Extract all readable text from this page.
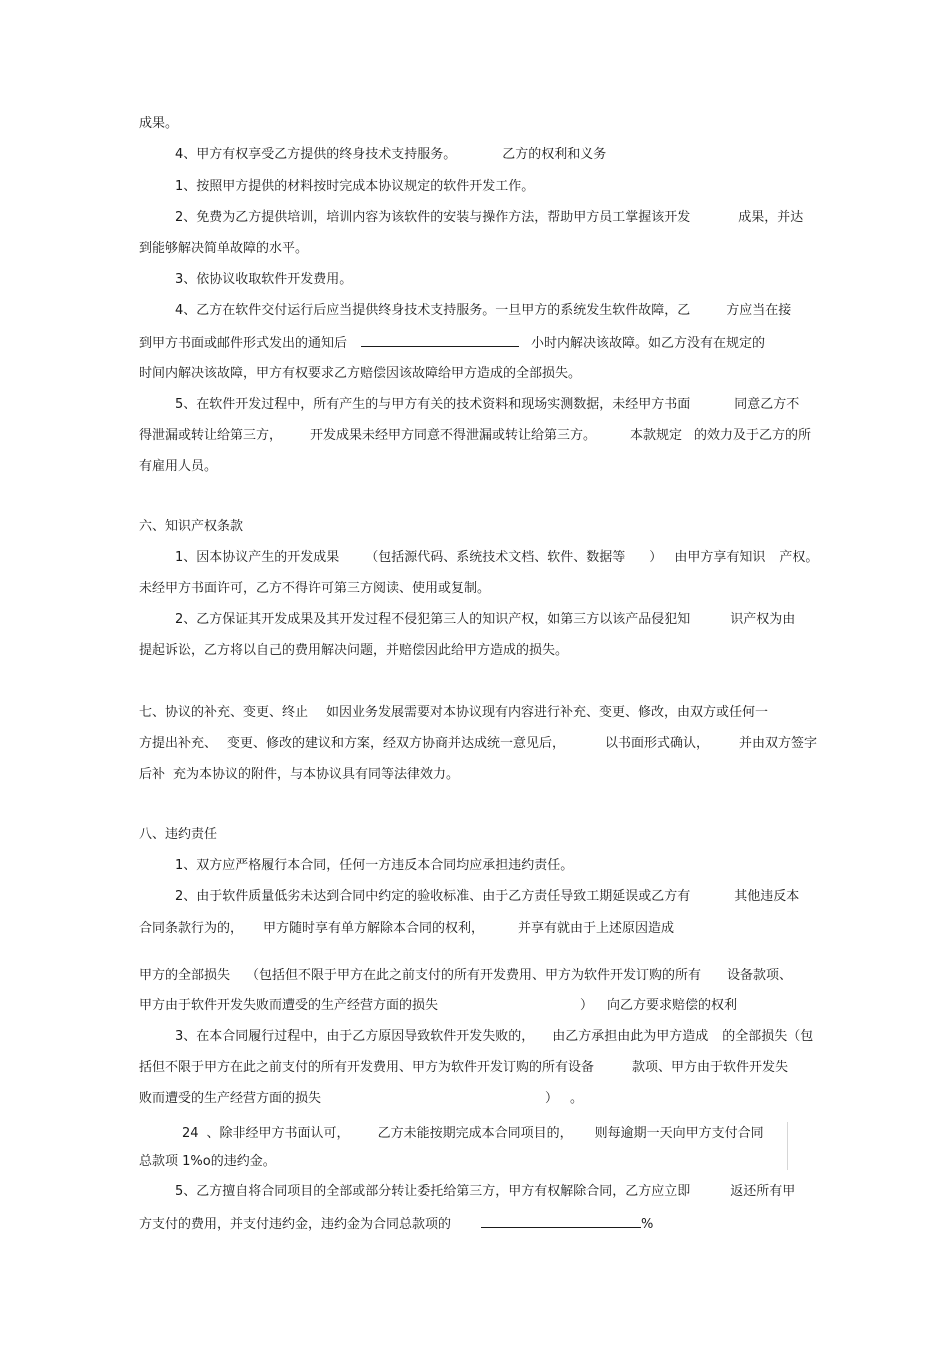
成果。

4、甲方有权享受乙方提供的终身技术支持服务。	乙方的权利和义务

1、按照甲方提供的材料按时完成本协议规定的软件开发工作。

2、免费为乙方提供培训，培训内容为该软件的安装与操作方法，帮助甲方员工掌握该开发	成果，并达

到能够解决简单故障的水平。

3、依协议收取软件开发费用。

4、乙方在软件交付运行后应当提供终身技术支持服务。一旦甲方的系统发生软件故障，乙	方应当在接

到甲方书面或邮件形式发出的通知后	小时内解决该故障。如乙方没有在规定的

时间内解决该故障，甲方有权要求乙方赔偿因该故障给甲方造成的全部损失。

5、在软件开发过程中，所有产生的与甲方有关的技术资料和现场实测数据，未经甲方书面	同意乙方不

得泄漏或转让给第三方， 开发成果未经甲方同意不得泄漏或转让给第三方。	本款规定 的效力及于乙方的所

有雇用人员。

六、知识产权条款

1、因本协议产生的开发成果 （包括源代码、系统技术文档、软件、数据等 ） 由甲方享有知识 产权。

未经甲方书面许可，乙方不得许可第三方阅读、使用或复制。

2、乙方保证其开发成果及其开发过程不侵犯第三人的知识产权，如第三方以该产品侵犯知	识产权为由

提起诉讼，乙方将以自己的费用解决问题，并赔偿因此给甲方造成的损失。

七、协议的补充、变更、终止 如因业务发展需要对本协议现有内容进行补充、变更、修改，由双方或任何一

方提出补充、 变更、修改的建议和方案，经双方协商并达成统一意见后，	以书面形式确认， 并由双方签字

后补 充为本协议的附件，与本协议具有同等法律效力。

八、违约责任

1、双方应严格履行本合同，任何一方违反本合同均应承担违约责任。

2、由于软件质量低劣未达到合同中约定的验收标准、由于乙方责任导致工期延误或乙方有	其他违反本

合同条款行为的， 甲方随时享有单方解除本合同的权利，	并享有就由于上述原因造成

甲方的全部损失 （包括但不限于甲方在此之前支付的所有开发费用、甲方为软件开发订购的所有 设备款项、

甲方由于软件开发失败而遭受的生产经营方面的损失	） 向乙方要求赔偿的权利

3、在本合同履行过程中，由于乙方原因导致软件开发失败的， 由乙方承担由此为甲方造成 的全部损失（包

括但不限于甲方在此之前支付的所有开发费用、甲方为软件开发订购的所有设备	款项、甲方由于软件开发失

败而遭受的生产经营方面的损失	） 。

24 、除非经甲方书面认可， 乙方未能按期完成本合同项目的， 则每逾期一天向甲方支付合同

总款项 1%o的违约金。

5、乙方擅自将合同项目的全部或部分转让委托给第三方，甲方有权解除合同，乙方应立即	返还所有甲

方支付的费用，并支付违约金，违约金为合同总款项的	%
